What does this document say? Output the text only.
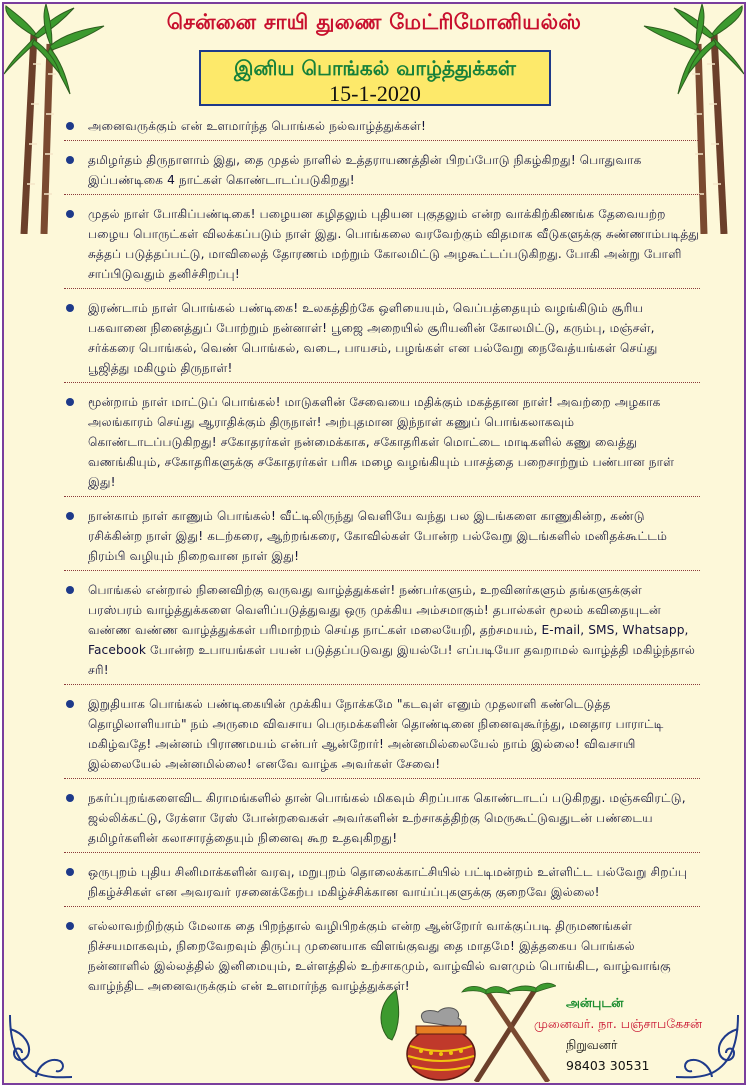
சென்னை சாயி துணை மேட்ரிமோனியல்ஸ்
இனிய பொங்கல் வாழ்த்துக்கள்
15-1-2020
அனைவருக்கும் என் உளமார்ந்த பொங்கல் நல்வாழ்த்துக்கள்!
தமிழர்தம் திருநாளாம் இது, தை முதல் நாளில் உத்தராயணத்தின் பிறப்போடு நிகழ்கிறது! பொதுவாக இப்பண்டிகை 4 நாட்கள் கொண்டாடப்படுகிறது!
முதல் நாள் போகிப்பண்டிகை! பழையன கழிதலும் புதியன புகுதலும் என்ற வாக்கிற்கிணங்க தேவையற்ற பழைய பொருட்கள் விலக்கப்படும் நாள் இது. பொங்கலை வரவேற்கும் விதமாக வீடுகளுக்கு சுண்ணாம்படித்து சுத்தப் படுத்தப்பட்டு, மாவிலைத் தோரணம் மற்றும் கோலமிட்டு அழகூட்டப்படுகிறது. போகி அன்று போளி சாப்பிடுவதும் தனிச்சிறப்பு!
இரண்டாம் நாள் பொங்கல் பண்டிகை! உலகத்திற்கே ஒளியையும், வெப்பத்தையும் வழங்கிடும் சூரிய பகவானை நினைத்துப் போற்றும் நன்னாள்! பூஜை அறையில் சூரியனின் கோலமிட்டு, கரும்பு, மஞ்சள், சர்க்கரை பொங்கல், வெண் பொங்கல், வடை, பாயசம், பழங்கள் என பல்வேறு நைவேத்யங்கள் செய்து பூஜித்து மகிழும் திருநாள்!
மூன்றாம் நாள் மாட்டுப் பொங்கல்! மாடுகளின் சேவையை மதிக்கும் மகத்தான நாள்! அவற்றை அழகாக அலங்காரம் செய்து ஆராதிக்கும் திருநாள்! அற்புதமான இந்நாள் கணுப் பொங்கலாகவும் கொண்டாடப்படுகிறது! சகோதரர்கள் நன்மைக்காக, சகோதரிகள் மொட்டை மாடிகளில் கணு வைத்து வணங்கியும், சகோதரிகளுக்கு சகோதரர்கள் பரிசு மழை வழங்கியும் பாசத்தை பறைசாற்றும் பண்பான நாள் இது!
நான்காம் நாள் காணும் பொங்கல்! வீட்டிலிருந்து வெளியே வந்து பல இடங்களை காணுகின்ற, கண்டு ரசிக்கின்ற நாள் இது! கடற்கரை, ஆற்றங்கரை, கோவில்கள் போன்ற பல்வேறு இடங்களில் மனிதக்கூட்டம் நிரம்பி வழியும் நிறைவான நாள் இது!
பொங்கல் என்றால் நினைவிற்கு வருவது வாழ்த்துக்கள்! நண்பர்களும், உறவினர்களும் தங்களுக்குள் பரஸ்பரம் வாழ்த்துக்களை வெளிப்படுத்துவது ஒரு முக்கிய அம்சமாகும்! தபால்கள் மூலம் கவிதையுடன் வண்ண வண்ண வாழ்த்துக்கள் பரிமாற்றம் செய்த நாட்கள் மலையேறி, தற்சமயம், E-mail, SMS, Whatsapp, Facebook போன்ற உபாயங்கள் பயன் படுத்தப்படுவது இயல்பே! எப்படியோ தவறாமல் வாழ்த்தி மகிழ்ந்தால் சரி!
இறுதியாக பொங்கல் பண்டிகையின் முக்கிய நோக்கமே "கடவுள் எனும் முதலாளி கண்டெடுத்த தொழிலாளியாம்" நம் அருமை விவசாய பெருமக்களின் தொண்டினை நினைவுகூர்ந்து, மனதார பாராட்டி மகிழ்வதே! அன்னம் பிராணமயம் என்பர் ஆன்றோர்! அன்னமில்லையேல் நாம் இல்லை! விவசாயி இல்லையேல் அன்னமில்லை! எனவே வாழ்க அவர்கள் சேவை!
நகர்ப்புறங்களைவிட கிராமங்களில் தான் பொங்கல் மிகவும் சிறப்பாக கொண்டாடப் படுகிறது. மஞ்சுவிரட்டு, ஜல்லிக்கட்டு, ரேக்ளா ரேஸ் போன்றவைகள் அவர்களின் உற்சாகத்திற்கு மெருகூட்டுவதுடன் பண்டைய தமிழர்களின் கலாசாரத்தையும் நினைவு கூற உதவுகிறது!
ஒருபுறம் புதிய சினிமாக்களின் வரவு, மறுபுறம் தொலைக்காட்சியில் பட்டிமன்றம் உள்ளிட்ட பல்வேறு சிறப்பு நிகழ்ச்சிகள் என அவரவர் ரசனைக்கேற்ப மகிழ்ச்சிக்கான வாய்ப்புகளுக்கு குறைவே இல்லை!
எல்லாவற்றிற்கும் மேலாக தை பிறந்தால் வழிபிறக்கும் என்ற ஆன்றோர் வாக்குப்படி திருமணங்கள் நிச்சயமாகவும், நிறைவேறவும் திருப்பு முனையாக விளங்குவது தை மாதமே! இத்தகைய பொங்கல் நன்னாளில் இல்லத்தில் இனிமையும், உள்ளத்தில் உற்சாகமும், வாழ்வில் வளமும் பொங்கிட, வாழ்வாங்கு வாழ்ந்திட அனைவருக்கும் என் உளமார்ந்த வாழ்த்துக்கள்!
அன்புடன்
முனைவர். நா. பஞ்சாபகேசன்
நிறுவனர்
98403 30531
